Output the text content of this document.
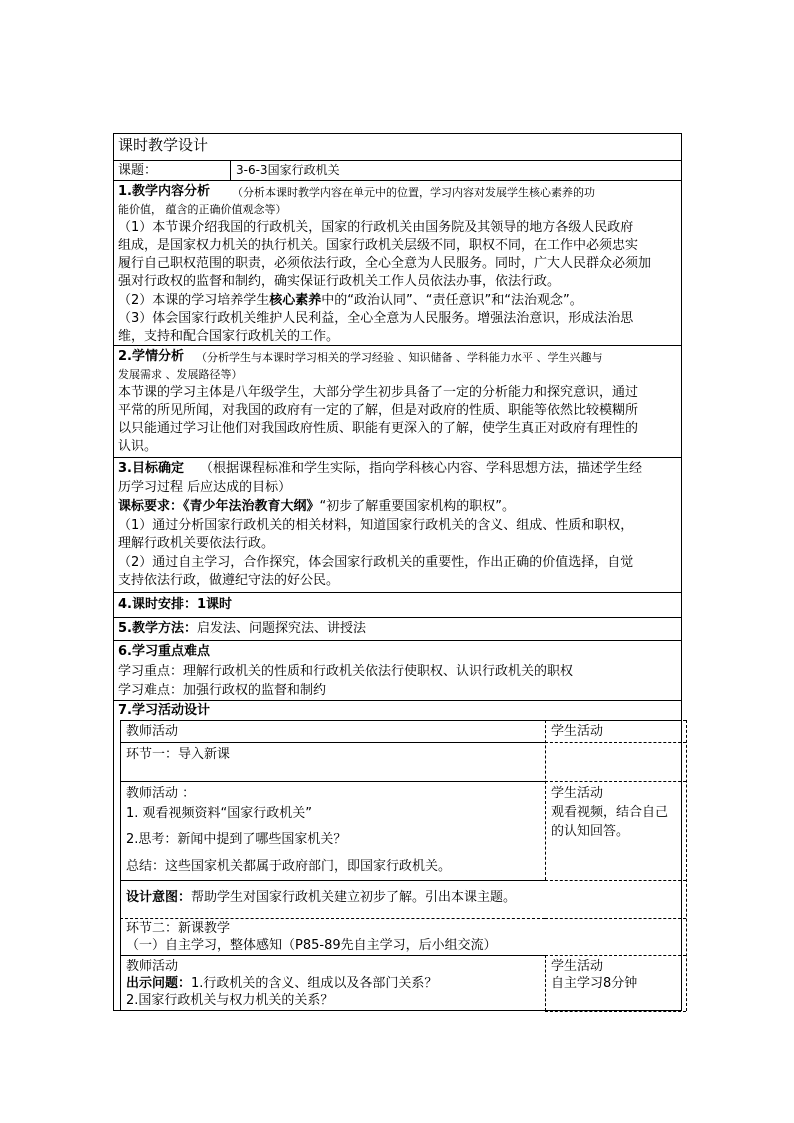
课时教学设计
课题：	3-6-3国家行政机关
1.教学内容分析 （分析本课时教学内容在单元中的位置，学习内容对发展学生核心素养的功
能价值， 蕴含的正确价值观念等）
（1）本节课介绍我国的行政机关，国家的行政机关由国务院及其领导的地方各级人民政府
组成，是国家权力机关的执行机关。国家行政机关层级不同，职权不同，在工作中必须忠实
履行自己职权范围的职责，必须依法行政，全心全意为人民服务。同时，广大人民群众必须加
强对行政权的监督和制约，确实保证行政机关工作人员依法办事，依法行政。
（2）本课的学习培养学生核心素养中的“政治认同”、“责任意识”和“法治观念”。
（3）体会国家行政机关维护人民利益，全心全意为人民服务。增强法治意识，形成法治思
维，支持和配合国家行政机关的工作。
2.学情分析 （分析学生与本课时学习相关的学习经验 、知识储备 、学科能力水平 、学生兴趣与
发展需求 、发展路径等）
本节课的学习主体是八年级学生，大部分学生初步具备了一定的分析能力和探究意识，通过
平常的所见所闻，对我国的政府有一定的了解，但是对政府的性质、职能等依然比较模糊所
以只能通过学习让他们对我国政府性质、职能有更深入的了解，使学生真正对政府有理性的
认识。
3.目标确定 （根据课程标准和学生实际，指向学科核心内容、学科思想方法，描述学生经
历学习过程 后应达成的目标）
课标要求：《青少年法治教育大纲》“初步了解重要国家机构的职权”。
（1）通过分析国家行政机关的相关材料，知道国家行政机关的含义、组成、性质和职权，
理解行政机关要依法行政。
（2）通过自主学习，合作探究，体会国家行政机关的重要性，作出正确的价值选择，自觉
支持依法行政，做遵纪守法的好公民。
4.课时安排：1课时
5.教学方法：启发法、问题探究法、讲授法
6.学习重点难点
学习重点：理解行政机关的性质和行政机关依法行使职权、认识行政机关的职权
学习难点：加强行政权的监督和制约
7.学习活动设计
教师活动	学生活动
环节一：导入新课
教师活动 ：
1. 观看视频资料“国家行政机关”
2.思考：新闻中提到了哪些国家机关？
总结：这些国家机关都属于政府部门，即国家行政机关。
学生活动
观看视频，结合自己
的认知回答。
设计意图：帮助学生对国家行政机关建立初步了解。引出本课主题。
环节二：新课教学
（一）自主学习，整体感知（P85-89先自主学习，后小组交流）
教师活动
出示问题：1.行政机关的含义、组成以及各部门关系？
2.国家行政机关与权力机关的关系？
学生活动
自主学习8分钟
